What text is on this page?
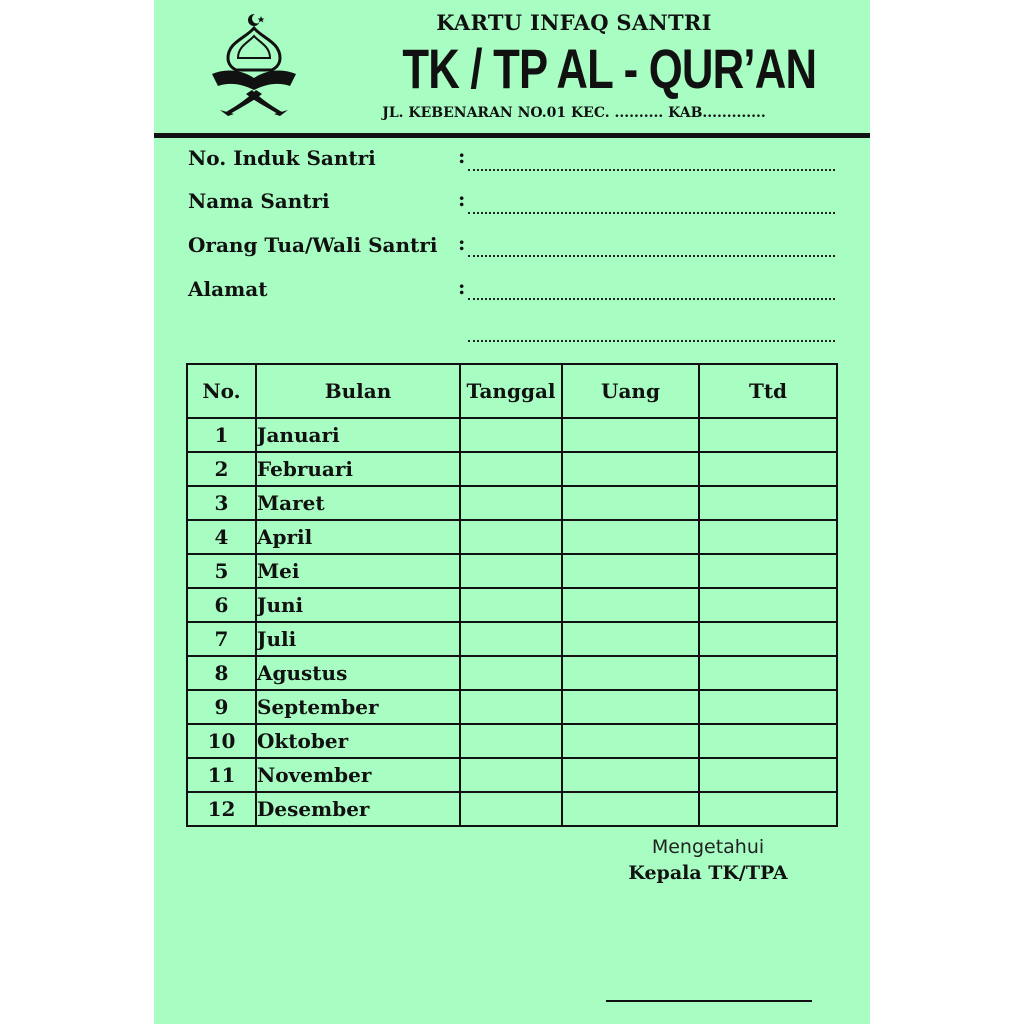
KARTU INFAQ SANTRI
TK / TP AL - QUR’AN
JL. KEBENARAN NO.01 KEC. .......... KAB.............
No. Induk Santri	:
Nama Santri	:
Orang Tua/Wali Santri :
Alamat	:
No.	Bulan	Tanggal	Uang	Ttd
1	Januari			
2	Februari			
3	Maret			
4	April			
5	Mei			
6	Juni			
7	Juli			
8	Agustus			
9	September			
10	Oktober			
11	November			
12	Desember			
Mengetahui
Kepala TK/TPA
